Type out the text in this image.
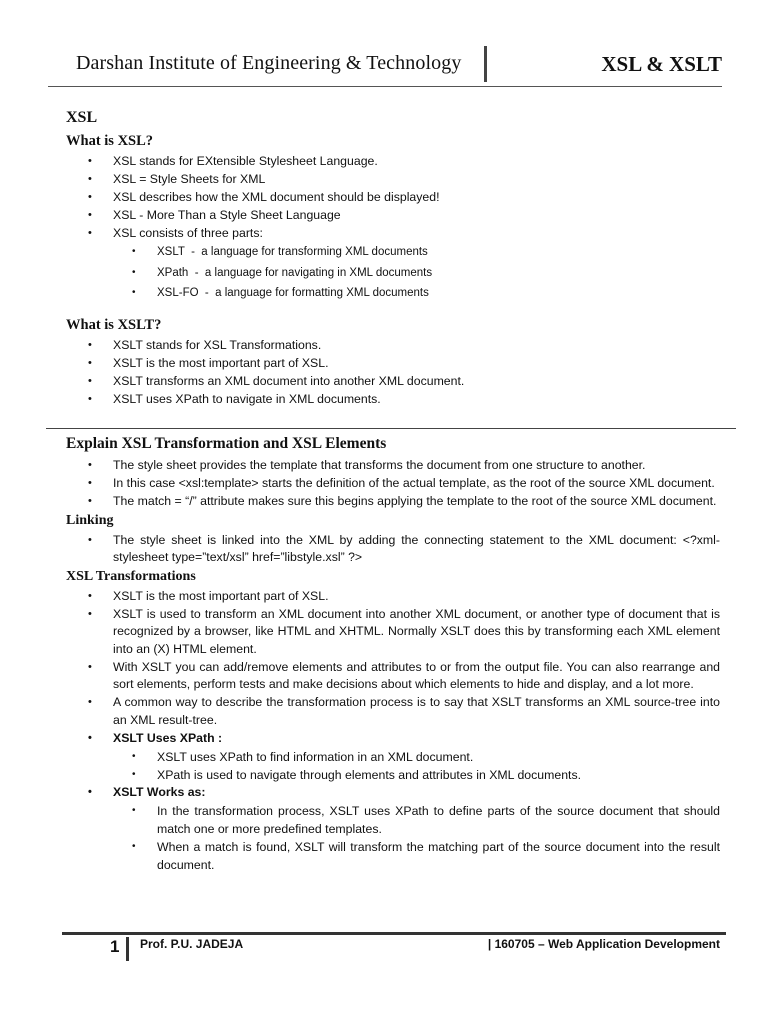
Darshan Institute of Engineering & Technology	XSL & XSLT
XSL
What is XSL?
• XSL stands for EXtensible Stylesheet Language.
• XSL = Style Sheets for XML
• XSL describes how the XML document should be displayed!
• XSL - More Than a Style Sheet Language
• XSL consists of three parts:
• XSLT  -  a language for transforming XML documents
• XPath  -  a language for navigating in XML documents
• XSL-FO  -  a language for formatting XML documents
What is XSLT?
• XSLT stands for XSL Transformations.
• XSLT is the most important part of XSL.
• XSLT transforms an XML document into another XML document.
• XSLT uses XPath to navigate in XML documents.
Explain XSL Transformation and XSL Elements
• The style sheet provides the template that transforms the document from one structure to another.
• In this case <xsl:template> starts the definition of the actual template, as the root of the source XML document.
• The match = “/” attribute makes sure this begins applying the template to the root of the source XML document.
Linking
• The style sheet is linked into the XML by adding the connecting statement to the XML document: <?xml-stylesheet type=”text/xsl” href=”libstyle.xsl” ?>
XSL Transformations
• XSLT is the most important part of XSL.
• XSLT is used to transform an XML document into another XML document, or another type of document that is recognized by a browser, like HTML and XHTML. Normally XSLT does this by transforming each XML element into an (X) HTML element.
• With XSLT you can add/remove elements and attributes to or from the output file. You can also rearrange and sort elements, perform tests and make decisions about which elements to hide and display, and a lot more.
• A common way to describe the transformation process is to say that XSLT transforms an XML source-tree into an XML result-tree.
• XSLT Uses XPath :
• XSLT uses XPath to find information in an XML document.
• XPath is used to navigate through elements and attributes in XML documents.
• XSLT Works as:
• In the transformation process, XSLT uses XPath to define parts of the source document that should match one or more predefined templates.
• When a match is found, XSLT will transform the matching part of the source document into the result document.
1 Prof. P.U. JADEJA	| 160705 – Web Application Development
